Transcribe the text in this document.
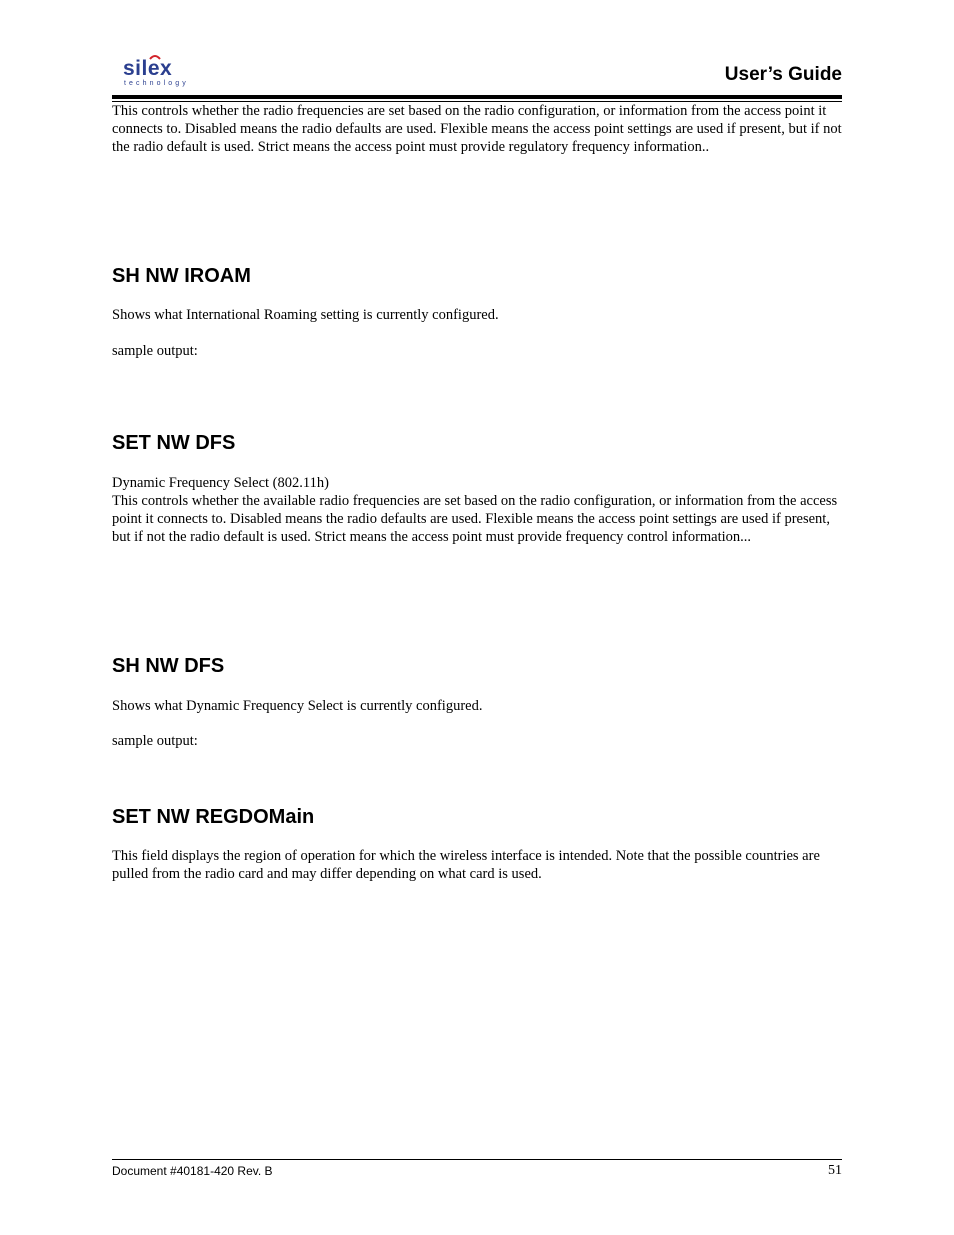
silex
technology	User’s Guide

This controls whether the radio frequencies are set based on the radio configuration, or information from the access point it connects to. Disabled means the radio defaults are used. Flexible means the access point settings are used if present, but if not the radio default is used. Strict means the access point must provide regulatory frequency information..

SH NW IROAM

Shows what International Roaming setting is currently configured.

sample output:

SET NW DFS

Dynamic Frequency Select (802.11h)

This controls whether the available radio frequencies are set based on the radio configuration, or information from the access point it connects to. Disabled means the radio defaults are used. Flexible means the access point settings are used if present, but if not the radio default is used. Strict means the access point must provide frequency control information...

SH NW DFS

Shows what Dynamic Frequency Select is currently configured.

sample output:

SET NW REGDOMain

This field displays the region of operation for which the wireless interface is intended. Note that the possible countries are pulled from the radio card and may differ depending on what card is used.

Document #40181-420 Rev. B	51
